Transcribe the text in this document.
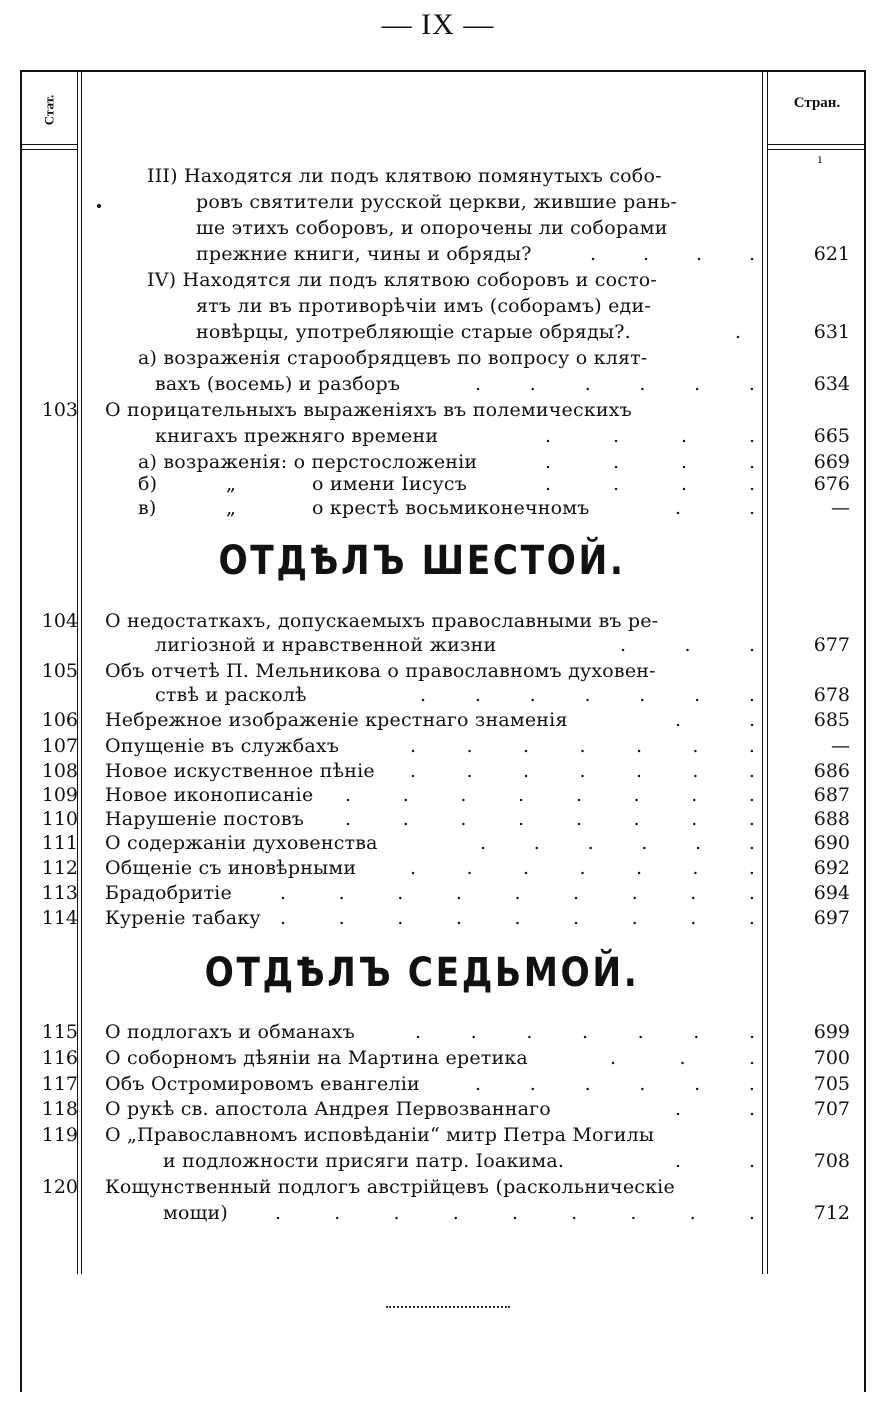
— IX —
Стат.	Стран.
ı
III) Находятся ли подъ клятвою помянутыхъ собо-
ровъ святители русской церкви, жившие рань-
ше этихъ соборовъ, и опорочены ли соборами
прежние книги, чины и обряды?	. . . .	621
IV) Находятся ли подъ клятвою соборовъ и состо-
ятъ ли въ противорѣчіи имъ (соборамъ) еди-
новѣрцы, употребляющіе старые обряды?.	.	631
а) возраженія старообрядцевъ по вопросу о клят-
вахъ (восемь) и разборъ	.	.	.	.	.	.	634
103 О порицательныхъ выраженіяхъ въ полемическихъ
книгахъ прежняго времени	.	.	.	.	665
а) возраженія: о перстосложенiи	.	.	.	.	669
б)	„	о имени Іисусъ	.	.	.	.	676
в)	„	о крестѣ восьмиконечномъ	.	.	—
ОТДѢЛЪ ШЕСТОЙ.
104 О недостаткахъ, допускаемыхъ православными въ ре-
лигіозной и нравственной жизни	.	.	.	677
105 Объ отчетѣ П. Мельникова о православномъ духовен-
ствѣ и расколѣ	.	.	.	.	.	.	.	678
106 Небрежное изображеніе крестнаго знаменія	.	.	685
107 Опущеніе въ службахъ	.	.	.	.	.	.	.	—
108 Новое искуственное пѣніе .	.	.	.	.	.	.	686
109 Новое иконописаніе .	.	.	.	.	.	.	.	687
110 Нарушеніе постовъ .	.	.	.	.	.	.	.	688
111 О содержаніи духовенства	.	.	.	.	.	.	690
112 Общеніе съ иновѣрными	.	.	.	.	.	.	.	692
113 Брадобритіе	.	.	.	.	.	.	.	.	.	694
114 Куреніе табаку .	.	.	.	.	.	.	.	.	697
ОТДѢЛЪ СЕДЬМОЙ.
115 О подлогахъ и обманахъ	.	.	.	.	.	.	.	699
116 О соборномъ дѣяніи на Мартина еретика	.	.	.	700
117 Объ Остромировомъ евангеліи	.	.	.	.	.	.	705
118 О рукѣ св. апостола Андрея Первозваннаго	.	.	707
119 О „Православномъ исповѣданіи“ митр Петра Могилы
и подложности присяги патр. Іоакима.	.	.	708
120 Кощунственный подлогъ австрійцевъ (раскольническіе
мощи) .	.	.	.	.	.	.	.	.	712
